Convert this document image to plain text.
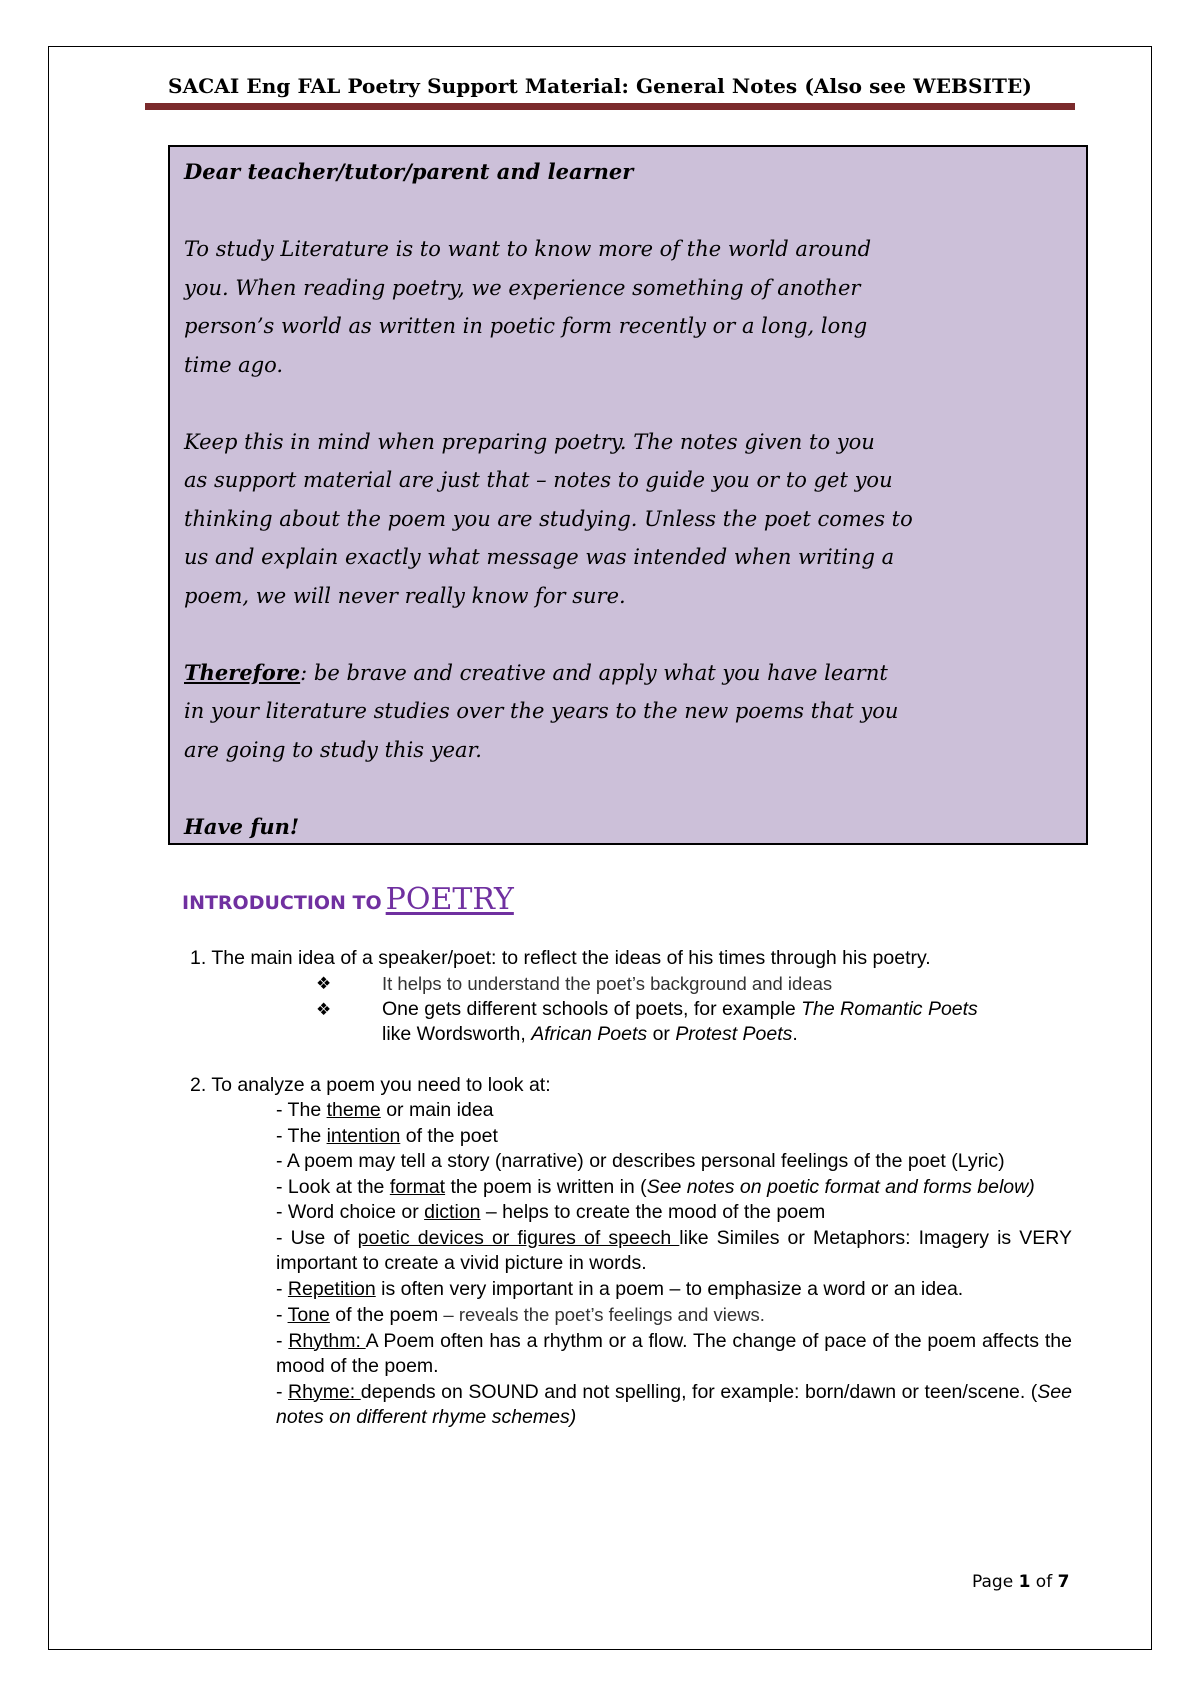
SACAI Eng FAL Poetry Support Material: General Notes (Also see WEBSITE)

Dear teacher/tutor/parent and learner

To study Literature is to want to know more of the world around

you. When reading poetry, we experience something of another

person’s world as written in poetic form recently or a long, long

time ago.

Keep this in mind when preparing poetry. The notes given to you

as support material are just that – notes to guide you or to get you

thinking about the poem you are studying. Unless the poet comes to

us and explain exactly what message was intended when writing a

poem, we will never really know for sure.

Therefore: be brave and creative and apply what you have learnt

in your literature studies over the years to the new poems that you

are going to study this year.

Have fun!

INTRODUCTION TO POETRY
1. The main idea of a speaker/poet: to reflect the ideas of his times through his poetry.
❖	It helps to understand the poet’s background and ideas
❖	One gets different schools of poets, for example The Romantic Poets
like Wordsworth, African Poets or Protest Poets.
2. To analyze a poem you need to look at:

- The theme or main idea

- The intention of the poet

- A poem may tell a story (narrative) or describes personal feelings of the poet (Lyric)

- Look at the format the poem is written in (See notes on poetic format and forms below)

- Word choice or diction – helps to create the mood of the poem

- Use of poetic devices or figures of speech like Similes or Metaphors: Imagery is VERY important to create a vivid picture in words.

- Repetition is often very important in a poem – to emphasize a word or an idea.

- Tone of the poem – reveals the poet’s feelings and views.

- Rhythm: A Poem often has a rhythm or a flow. The change of pace of the poem affects the mood of the poem.

- Rhyme: depends on SOUND and not spelling, for example: born/dawn or teen/scene. (See notes on different rhyme schemes)

Page 1 of 7
